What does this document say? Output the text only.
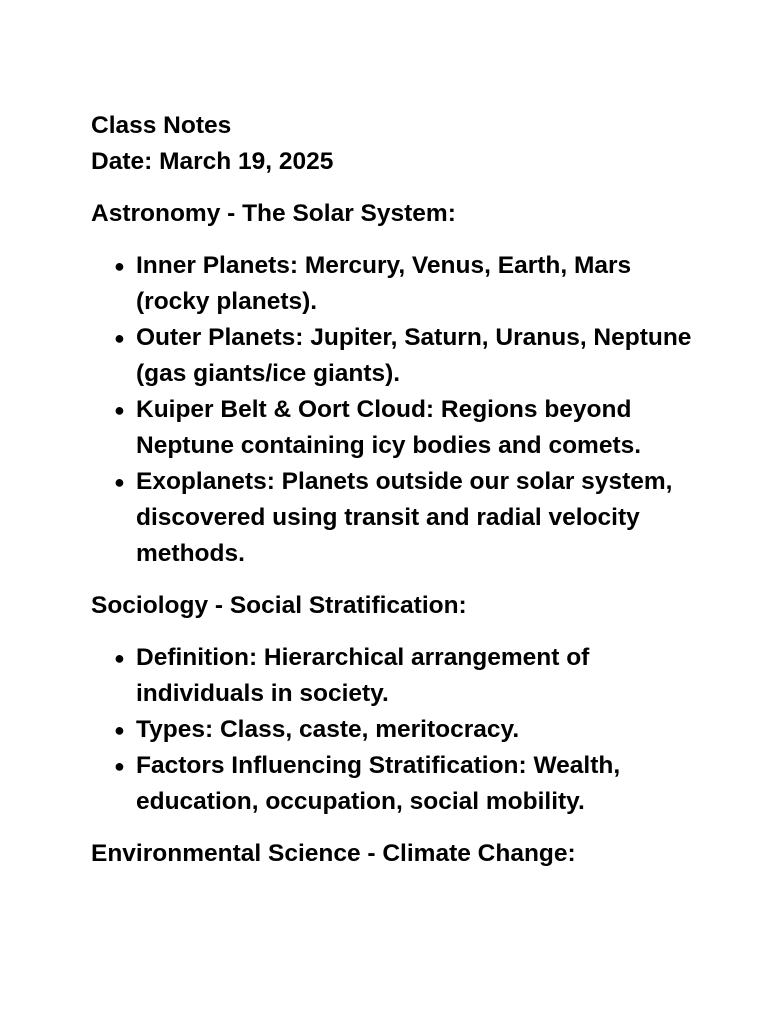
Class Notes
Date: March 19, 2025
Astronomy - The Solar System:
● Inner Planets: Mercury, Venus, Earth, Mars (rocky planets).
● Outer Planets: Jupiter, Saturn, Uranus, Neptune (gas giants/ice giants).
● Kuiper Belt & Oort Cloud: Regions beyond Neptune containing icy bodies and comets.
● Exoplanets: Planets outside our solar system, discovered using transit and radial velocity methods.
Sociology - Social Stratification:
● Definition: Hierarchical arrangement of individuals in society.
● Types: Class, caste, meritocracy.
● Factors Influencing Stratification: Wealth, education, occupation, social mobility.
Environmental Science - Climate Change:
